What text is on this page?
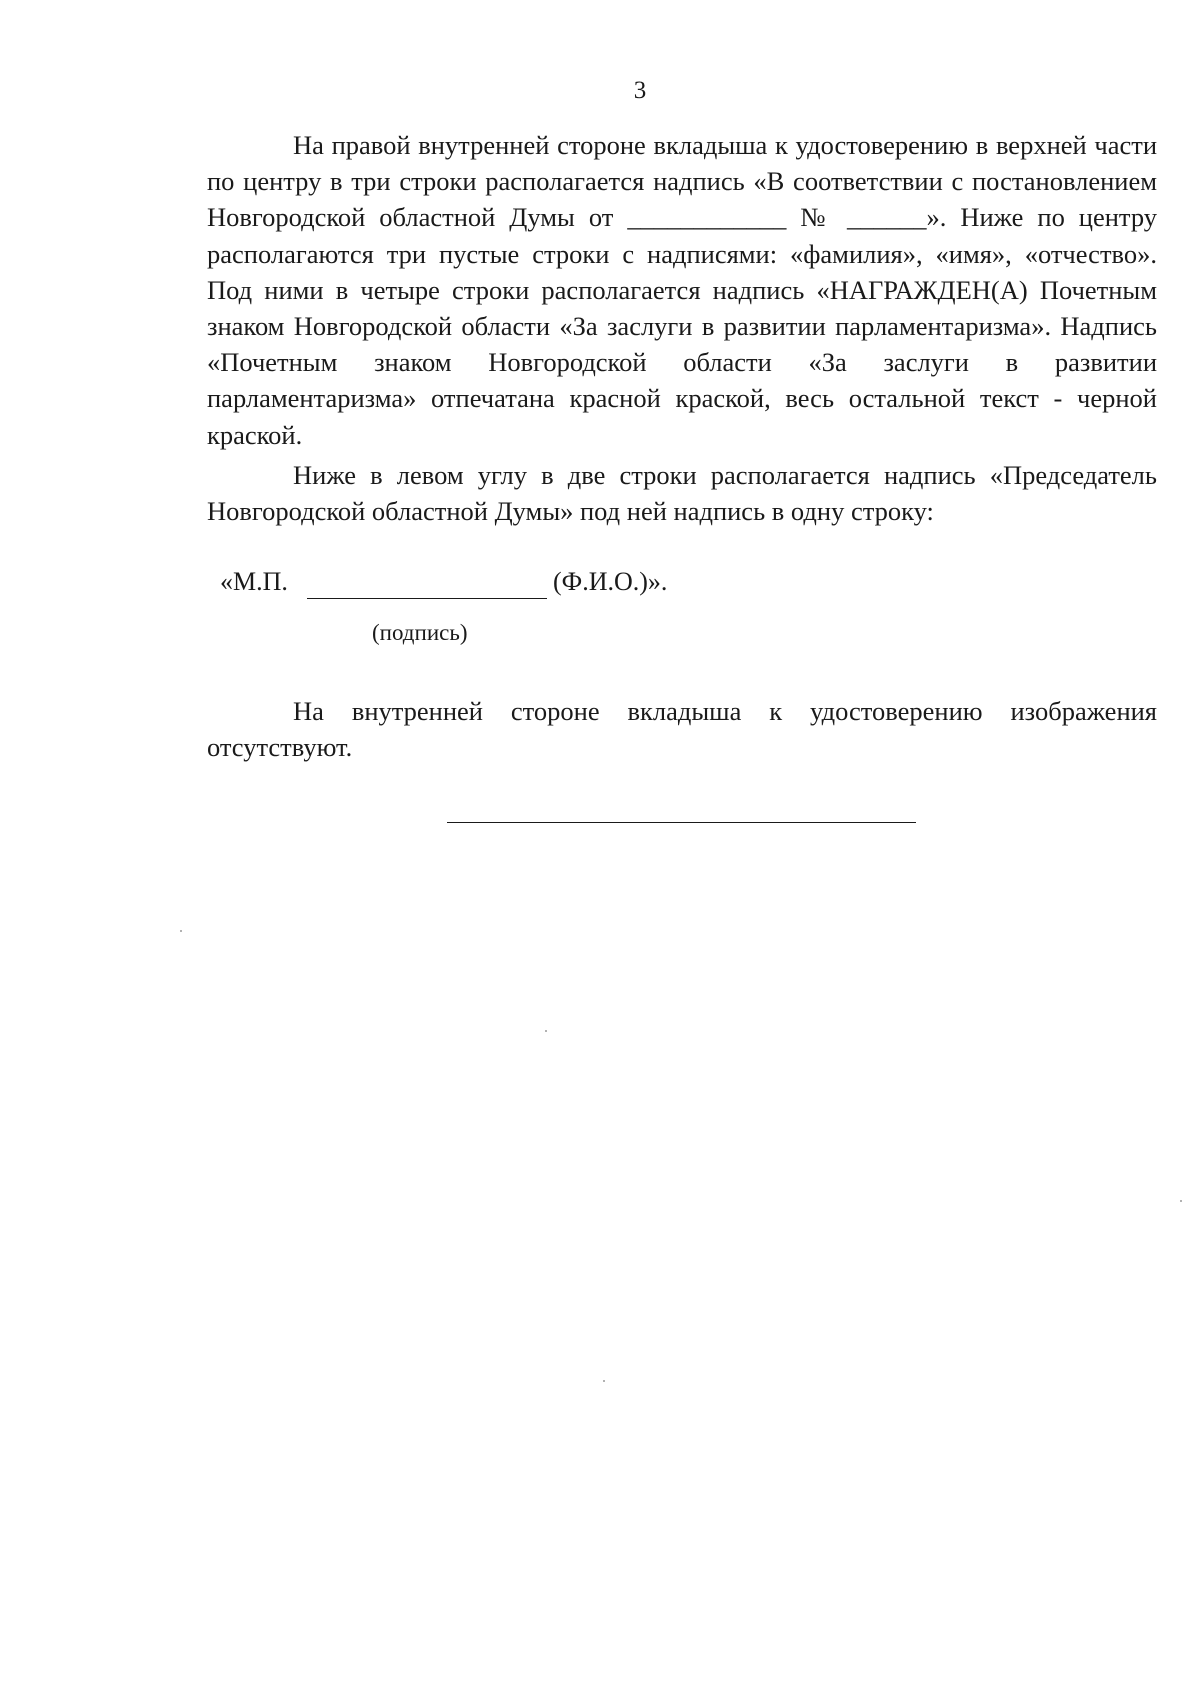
3

На правой внутренней стороне вкладыша к удостоверению в верхней части по центру в три строки располагается надпись «В соответствии с постановлением Новгородской областной Думы от ____________ № ______». Ниже по центру располагаются три пустые строки с надписями: «фамилия», «имя», «отчество». Под ними в четыре строки располагается надпись «НАГРАЖДЕН(А) Почетным знаком Новгородской области «За заслуги в развитии парламентаризма». Надпись «Почетным знаком Новгородской области «За заслуги в развитии парламентаризма» отпечатана красной краской, весь остальной текст - черной краской.

Ниже в левом углу в две строки располагается надпись «Председатель Новгородской областной Думы» под ней надпись в одну строку:

«М.П.	(Ф.И.О.)».
(подпись)

На внутренней стороне вкладыша к удостоверению изображения отсутствуют.
